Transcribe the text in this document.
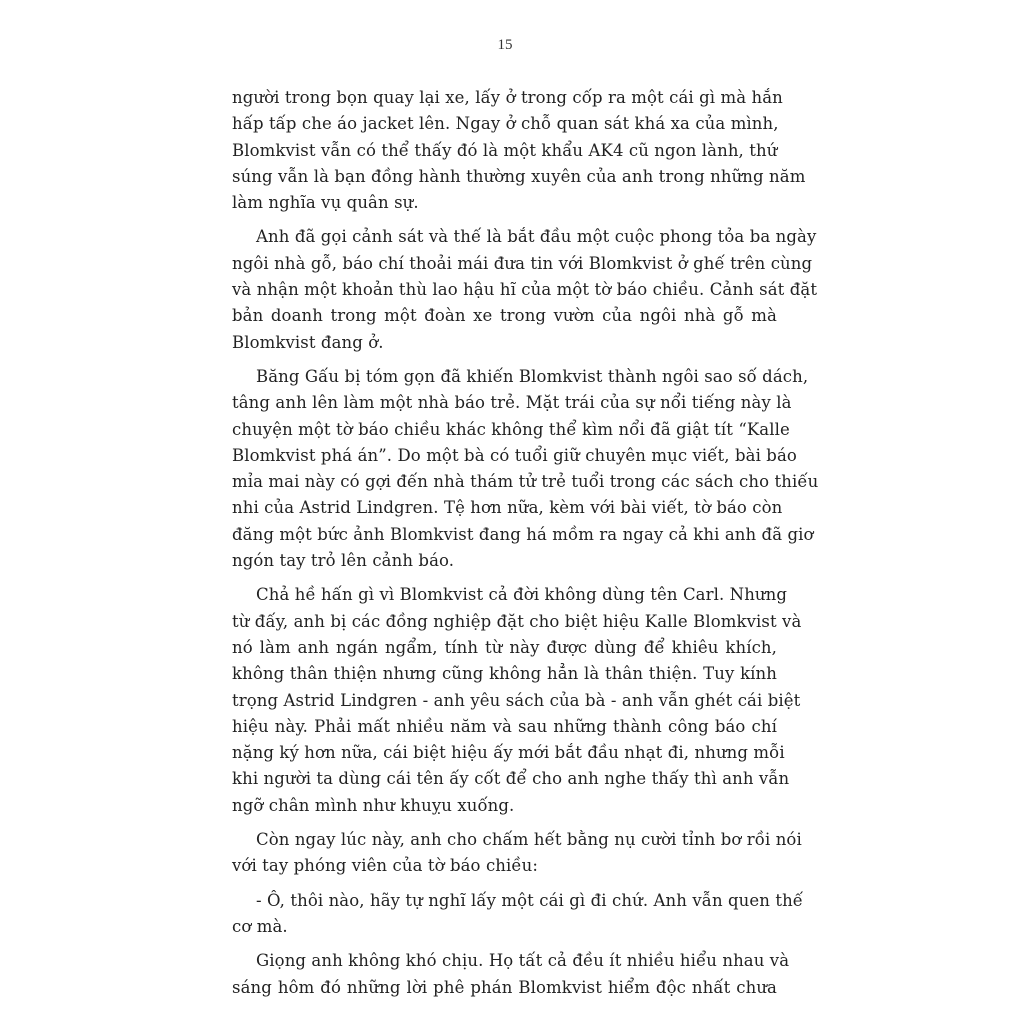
15
người trong bọn quay lại xe, lấy ở trong cốp ra một cái gì mà hắn
hấp tấp che áo jacket lên. Ngay ở chỗ quan sát khá xa của mình,
Blomkvist vẫn có thể thấy đó là một khẩu AK4 cũ ngon lành, thứ
súng vẫn là bạn đồng hành thường xuyên của anh trong những năm
làm nghĩa vụ quân sự.
Anh đã gọi cảnh sát và thế là bắt đầu một cuộc phong tỏa ba ngày
ngôi nhà gỗ, báo chí thoải mái đưa tin với Blomkvist ở ghế trên cùng
và nhận một khoản thù lao hậu hĩ của một tờ báo chiều. Cảnh sát đặt
bản doanh trong một đoàn xe trong vườn của ngôi nhà gỗ mà
Blomkvist đang ở.
Băng Gấu bị tóm gọn đã khiến Blomkvist thành ngôi sao số dách,
tâng anh lên làm một nhà báo trẻ. Mặt trái của sự nổi tiếng này là
chuyện một tờ báo chiều khác không thể kìm nổi đã giật tít “Kalle
Blomkvist phá án”. Do một bà có tuổi giữ chuyên mục viết, bài báo
mỉa mai này có gợi đến nhà thám tử trẻ tuổi trong các sách cho thiếu
nhi của Astrid Lindgren. Tệ hơn nữa, kèm với bài viết, tờ báo còn
đăng một bức ảnh Blomkvist đang há mồm ra ngay cả khi anh đã giơ
ngón tay trỏ lên cảnh báo.
Chả hề hấn gì vì Blomkvist cả đời không dùng tên Carl. Nhưng
từ đấy, anh bị các đồng nghiệp đặt cho biệt hiệu Kalle Blomkvist và
nó làm anh ngán ngẩm, tính từ này được dùng để khiêu khích,
không thân thiện nhưng cũng không hẳn là thân thiện. Tuy kính
trọng Astrid Lindgren - anh yêu sách của bà - anh vẫn ghét cái biệt
hiệu này. Phải mất nhiều năm và sau những thành công báo chí
nặng ký hơn nữa, cái biệt hiệu ấy mới bắt đầu nhạt đi, nhưng mỗi
khi người ta dùng cái tên ấy cốt để cho anh nghe thấy thì anh vẫn
ngỡ chân mình như khuỵu xuống.
Còn ngay lúc này, anh cho chấm hết bằng nụ cười tỉnh bơ rồi nói
với tay phóng viên của tờ báo chiều:
- Ô, thôi nào, hãy tự nghĩ lấy một cái gì đi chứ. Anh vẫn quen thế
cơ mà.
Giọng anh không khó chịu. Họ tất cả đều ít nhiều hiểu nhau và
sáng hôm đó những lời phê phán Blomkvist hiểm độc nhất chưa
